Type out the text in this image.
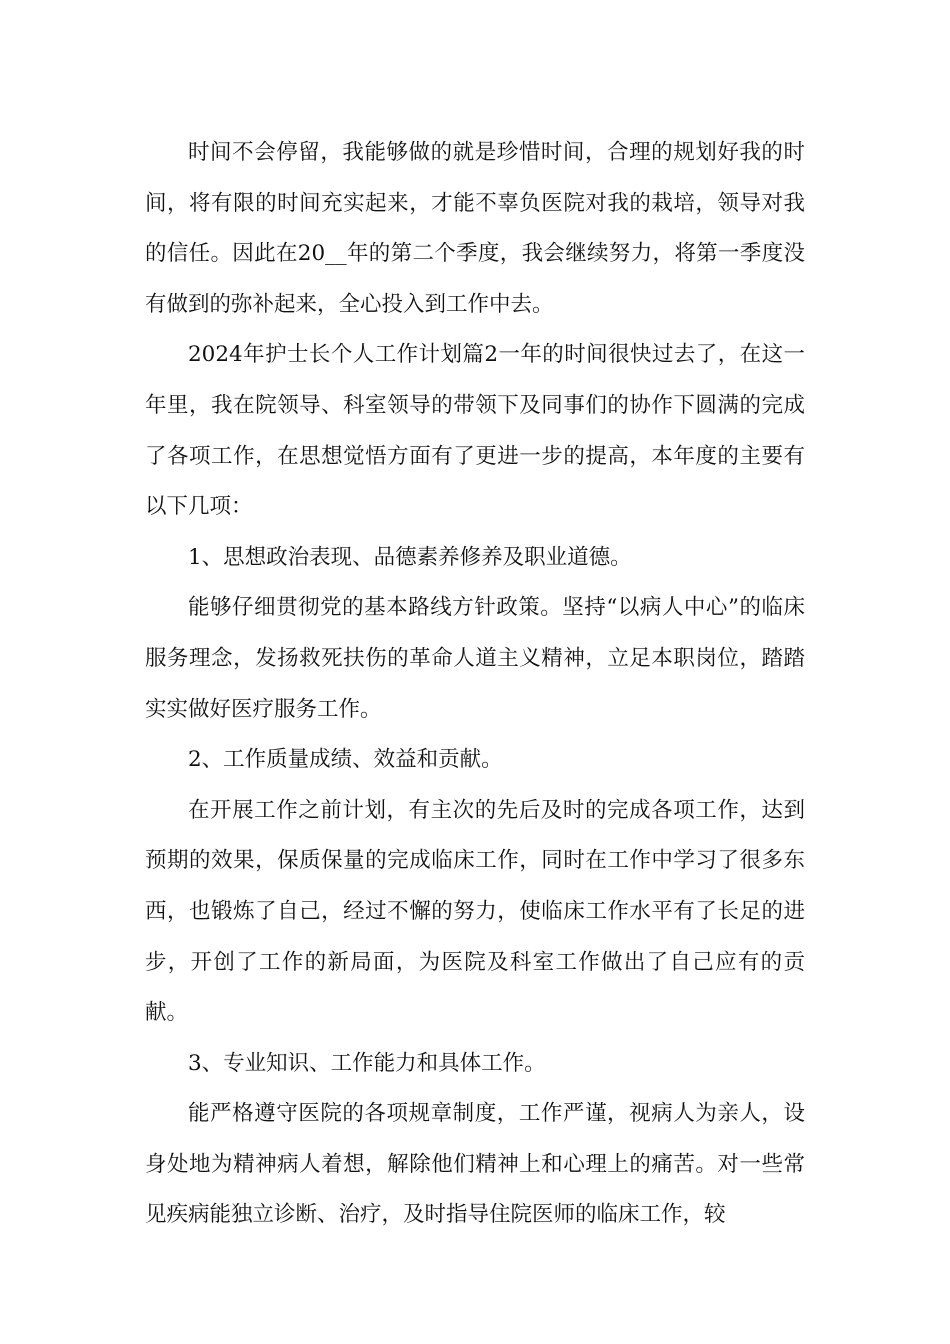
时间不会停留，我能够做的就是珍惜时间，合理的规划好我的时间，将有限的时间充实起来，才能不辜负医院对我的栽培，领导对我的信任。因此在20__年的第二个季度，我会继续努力，将第一季度没有做到的弥补起来，全心投入到工作中去。

2024年护士长个人工作计划篇2一年的时间很快过去了，在这一年里，我在院领导、科室领导的带领下及同事们的协作下圆满的完成了各项工作，在思想觉悟方面有了更进一步的提高，本年度的主要有以下几项：

1、思想政治表现、品德素养修养及职业道德。

能够仔细贯彻党的基本路线方针政策。坚持“以病人中心”的临床服务理念，发扬救死扶伤的革命人道主义精神，立足本职岗位，踏踏实实做好医疗服务工作。

2、工作质量成绩、效益和贡献。

在开展工作之前计划，有主次的先后及时的完成各项工作，达到预期的效果，保质保量的完成临床工作，同时在工作中学习了很多东西，也锻炼了自己，经过不懈的努力，使临床工作水平有了长足的进步，开创了工作的新局面，为医院及科室工作做出了自己应有的贡献。

3、专业知识、工作能力和具体工作。

能严格遵守医院的各项规章制度，工作严谨，视病人为亲人，设身处地为精神病人着想，解除他们精神上和心理上的痛苦。对一些常见疾病能独立诊断、治疗，及时指导住院医师的临床工作，较
